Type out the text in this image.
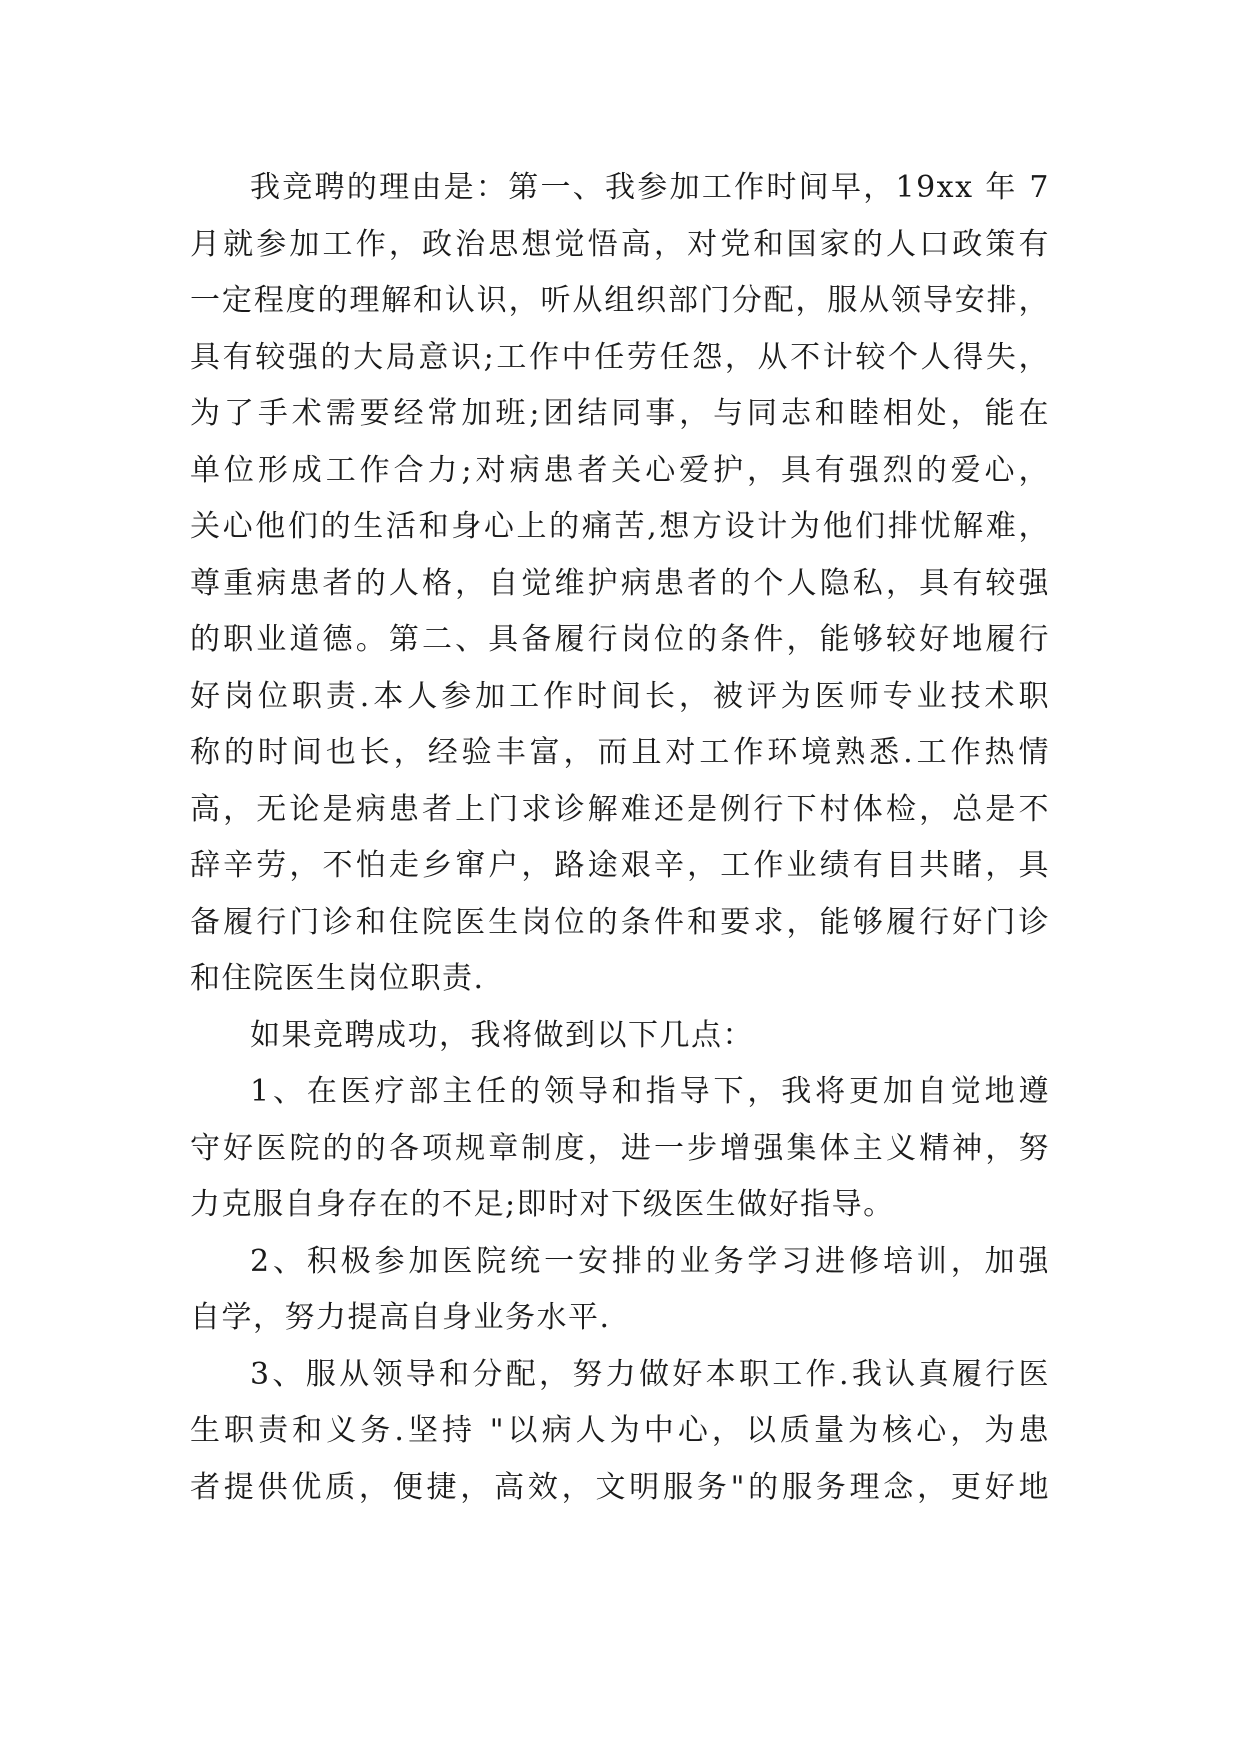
我竞聘的理由是：第一、我参加工作时间早，19xx 年 7
月就参加工作，政治思想觉悟高，对党和国家的人口政策有
一定程度的理解和认识，听从组织部门分配，服从领导安排，
具有较强的大局意识;工作中任劳任怨，从不计较个人得失，
为了手术需要经常加班;团结同事，与同志和睦相处，能在
单位形成工作合力;对病患者关心爱护，具有强烈的爱心，
关心他们的生活和身心上的痛苦,想方设计为他们排忧解难，
尊重病患者的人格，自觉维护病患者的个人隐私，具有较强
的职业道德。第二、具备履行岗位的条件，能够较好地履行
好岗位职责.本人参加工作时间长，被评为医师专业技术职
称的时间也长，经验丰富，而且对工作环境熟悉.工作热情
高，无论是病患者上门求诊解难还是例行下村体检，总是不
辞辛劳，不怕走乡窜户，路途艰辛，工作业绩有目共睹，具
备履行门诊和住院医生岗位的条件和要求，能够履行好门诊
和住院医生岗位职责.

如果竞聘成功，我将做到以下几点：

1、在医疗部主任的领导和指导下，我将更加自觉地遵
守好医院的的各项规章制度，进一步增强集体主义精神，努
力克服自身存在的不足;即时对下级医生做好指导。

2、积极参加医院统一安排的业务学习进修培训，加强
自学，努力提高自身业务水平.

3、服从领导和分配，努力做好本职工作.我认真履行医
生职责和义务.坚持 "以病人为中心，以质量为核心，为患
者提供优质，便捷，高效，文明服务"的服务理念，更好地
